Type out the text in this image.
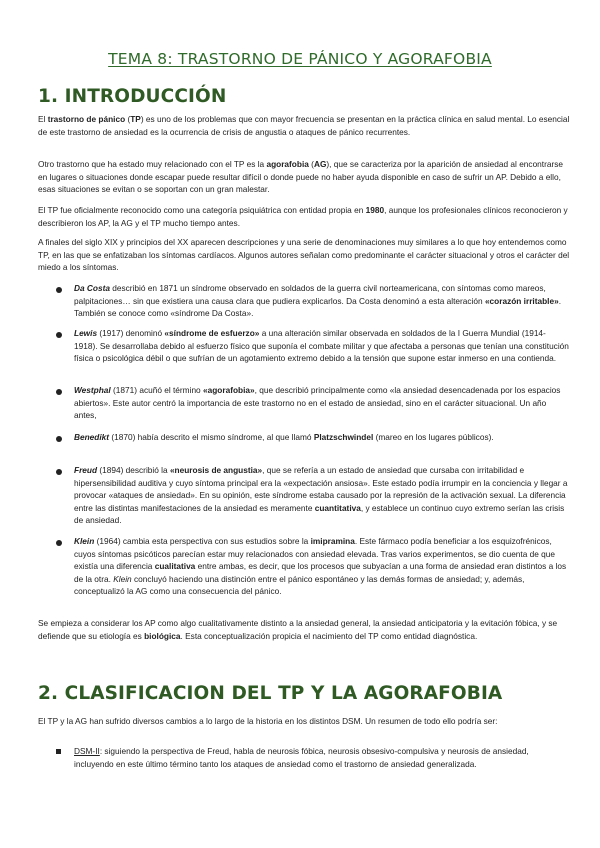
TEMA 8: TRASTORNO DE PÁNICO Y AGORAFOBIA
1. INTRODUCCIÓN
El trastorno de pánico (TP) es uno de los problemas que con mayor frecuencia se presentan en la práctica clínica en salud mental. Lo esencial de este trastorno de ansiedad es la ocurrencia de crisis de angustia o ataques de pánico recurrentes.
Otro trastorno que ha estado muy relacionado con el TP es la agorafobia (AG), que se caracteriza por la aparición de ansiedad al encontrarse en lugares o situaciones donde escapar puede resultar difícil o donde puede no haber ayuda disponible en caso de sufrir un AP. Debido a ello, esas situaciones se evitan o se soportan con un gran malestar.
El TP fue oficialmente reconocido como una categoría psiquiátrica con entidad propia en 1980, aunque los profesionales clínicos reconocieron y describieron los AP, la AG y el TP mucho tiempo antes.
A finales del siglo XIX y principios del XX aparecen descripciones y una serie de denominaciones muy similares a lo que hoy entendemos como TP, en las que se enfatizaban los síntomas cardíacos. Algunos autores señalan como predominante el carácter situacional y otros el carácter del miedo a los síntomas.
Da Costa describió en 1871 un síndrome observado en soldados de la guerra civil norteamericana, con síntomas como mareos, palpitaciones… sin que existiera una causa clara que pudiera explicarlos. Da Costa denominó a esta alteración «corazón irritable». También se conoce como «síndrome Da Costa».
Lewis (1917) denominó «síndrome de esfuerzo» a una alteración similar observada en soldados de la I Guerra Mundial (1914- 1918). Se desarrollaba debido al esfuerzo físico que suponía el combate militar y que afectaba a personas que tenían una constitución física o psicológica débil o que sufrían de un agotamiento extremo debido a la tensión que supone estar inmerso en una contienda.
Westphal (1871) acuñó el término «agorafobia», que describió principalmente como «la ansiedad desencadenada por los espacios abiertos». Este autor centró la importancia de este trastorno no en el estado de ansiedad, sino en el carácter situacional. Un año antes,
Benedikt (1870) había descrito el mismo síndrome, al que llamó Platzschwindel (mareo en los lugares públicos).
Freud (1894) describió la «neurosis de angustia», que se refería a un estado de ansiedad que cursaba con irritabilidad e hipersensibilidad auditiva y cuyo síntoma principal era la «expectación ansiosa». Este estado podía irrumpir en la conciencia y llegar a provocar «ataques de ansiedad». En su opinión, este síndrome estaba causado por la represión de la activación sexual. La diferencia entre las distintas manifestaciones de la ansiedad es meramente cuantitativa, y establece un continuo cuyo extremo serían las crisis de ansiedad.
Klein (1964) cambia esta perspectiva con sus estudios sobre la imipramina. Este fármaco podía beneficiar a los esquizofrénicos, cuyos síntomas psicóticos parecían estar muy relacionados con ansiedad elevada. Tras varios experimentos, se dio cuenta de que existía una diferencia cualitativa entre ambas, es decir, que los procesos que subyacían a una forma de ansiedad eran distintos a los de la otra. Klein concluyó haciendo una distinción entre el pánico espontáneo y las demás formas de ansiedad; y, además, conceptualizó la AG como una consecuencia del pánico.
Se empieza a considerar los AP como algo cualitativamente distinto a la ansiedad general, la ansiedad anticipatoria y la evitación fóbica, y se defiende que su etiología es biológica. Esta conceptualización propicia el nacimiento del TP como entidad diagnóstica.
2. CLASIFICACION DEL TP Y LA AGORAFOBIA
El TP y la AG han sufrido diversos cambios a lo largo de la historia en los distintos DSM. Un resumen de todo ello podría ser:
DSM-II: siguiendo la perspectiva de Freud, habla de neurosis fóbica, neurosis obsesivo-compulsiva y neurosis de ansiedad, incluyendo en este último término tanto los ataques de ansiedad como el trastorno de ansiedad generalizada.
